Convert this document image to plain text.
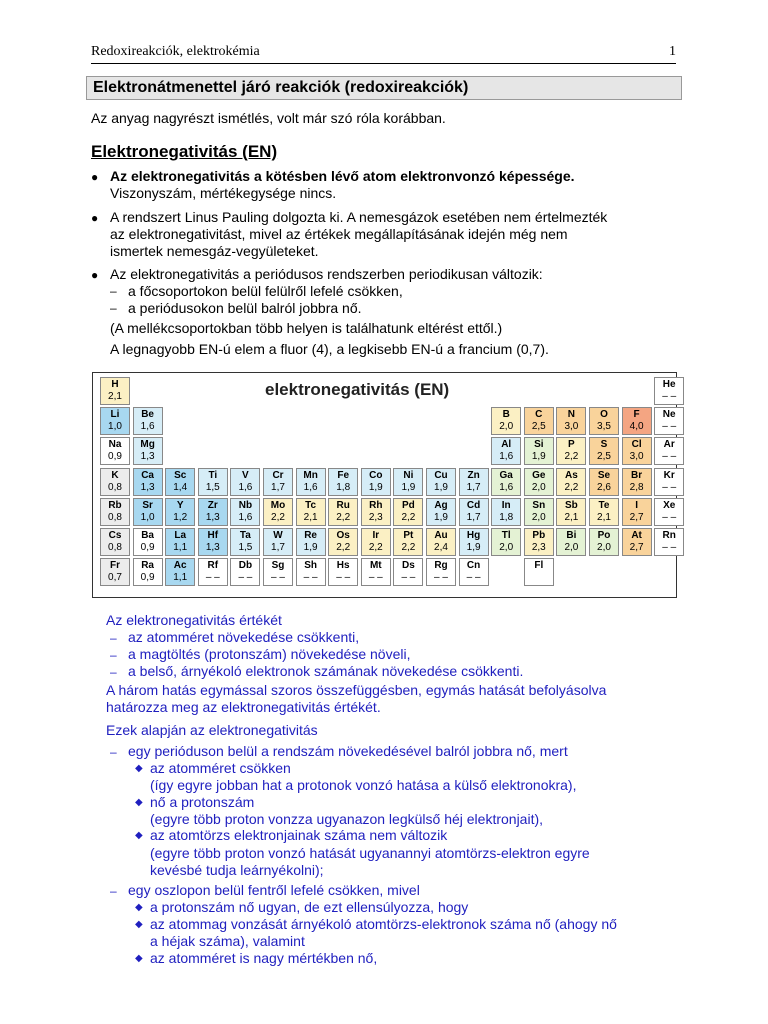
Redoxireakciók, elektrokémia	1
Elektronátmenettel járó reakciók (redoxireakciók)
Az anyag nagyrészt ismétlés, volt már szó róla korábban.
Elektronegativitás (EN)
● Az elektronegativitás a kötésben lévő atom elektronvonzó képessége.
Viszonyszám, mértékegysége nincs.
● A rendszert Linus Pauling dolgozta ki. A nemesgázok esetében nem értelmezték
az elektronegativitást, mivel az értékek megállapításának idején még nem
ismertek nemesgáz-vegyületeket.
● Az elektronegativitás a periódusos rendszerben periodikusan változik:
– a főcsoportokon belül felülről lefelé csökken,
– a periódusokon belül balról jobbra nő.
(A mellékcsoportokban több helyen is találhatunk eltérést ettől.)
A legnagyobb EN-ú elem a fluor (4), a legkisebb EN-ú a francium (0,7).
elektronegativitás (EN)
H
2,1
He
– –
Li
1,0
Be
1,6
B
2,0
C
2,5
N
3,0
O
3,5
F
4,0
Ne
– –
Na
0,9
Mg
1,3
Al
1,6
Si
1,9
P
2,2
S
2,5
Cl
3,0
Ar
– –
K
0,8
Ca
1,3
Sc
1,4
Ti
1,5
V
1,6
Cr
1,7
Mn
1,6
Fe
1,8
Co
1,9
Ni
1,9
Cu
1,9
Zn
1,7
Ga
1,6
Ge
2,0
As
2,2
Se
2,6
Br
2,8
Kr
– –
Rb
0,8
Sr
1,0
Y
1,2
Zr
1,3
Nb
1,6
Mo
2,2
Tc
2,1
Ru
2,2
Rh
2,3
Pd
2,2
Ag
1,9
Cd
1,7
In
1,8
Sn
2,0
Sb
2,1
Te
2,1
I
2,7
Xe
– –
Cs
0,8
Ba
0,9
La
1,1
Hf
1,3
Ta
1,5
W
1,7
Re
1,9
Os
2,2
Ir
2,2
Pt
2,2
Au
2,4
Hg
1,9
Tl
2,0
Pb
2,3
Bi
2,0
Po
2,0
At
2,7
Rn
– –
Fr
0,7
Ra
0,9
Ac
1,1
Rf
– –
Db
– –
Sg
– –
Sh
– –
Hs
– –
Mt
– –
Ds
– –
Rg
– –
Cn
– –
Fl
Az elektronegativitás értékét
– az atomméret növekedése csökkenti,
– a magtöltés (protonszám) növekedése növeli,
– a belső, árnyékoló elektronok számának növekedése csökkenti.
A három hatás egymással szoros összefüggésben, egymás hatását befolyásolva
határozza meg az elektronegativitás értékét.
Ezek alapján az elektronegativitás
– egy perióduson belül a rendszám növekedésével balról jobbra nő, mert
◆ az atomméret csökken
(így egyre jobban hat a protonok vonzó hatása a külső elektronokra),
◆ nő a protonszám
(egyre több proton vonzza ugyanazon legkülső héj elektronjait),
◆ az atomtörzs elektronjainak száma nem változik
(egyre több proton vonzó hatását ugyanannyi atomtörzs-elektron egyre
kevésbé tudja leárnyékolni);
– egy oszlopon belül fentről lefelé csökken, mivel
◆ a protonszám nő ugyan, de ezt ellensúlyozza, hogy
◆ az atommag vonzását árnyékoló atomtörzs-elektronok száma nő (ahogy nő
a héjak száma), valamint
◆ az atomméret is nagy mértékben nő,
